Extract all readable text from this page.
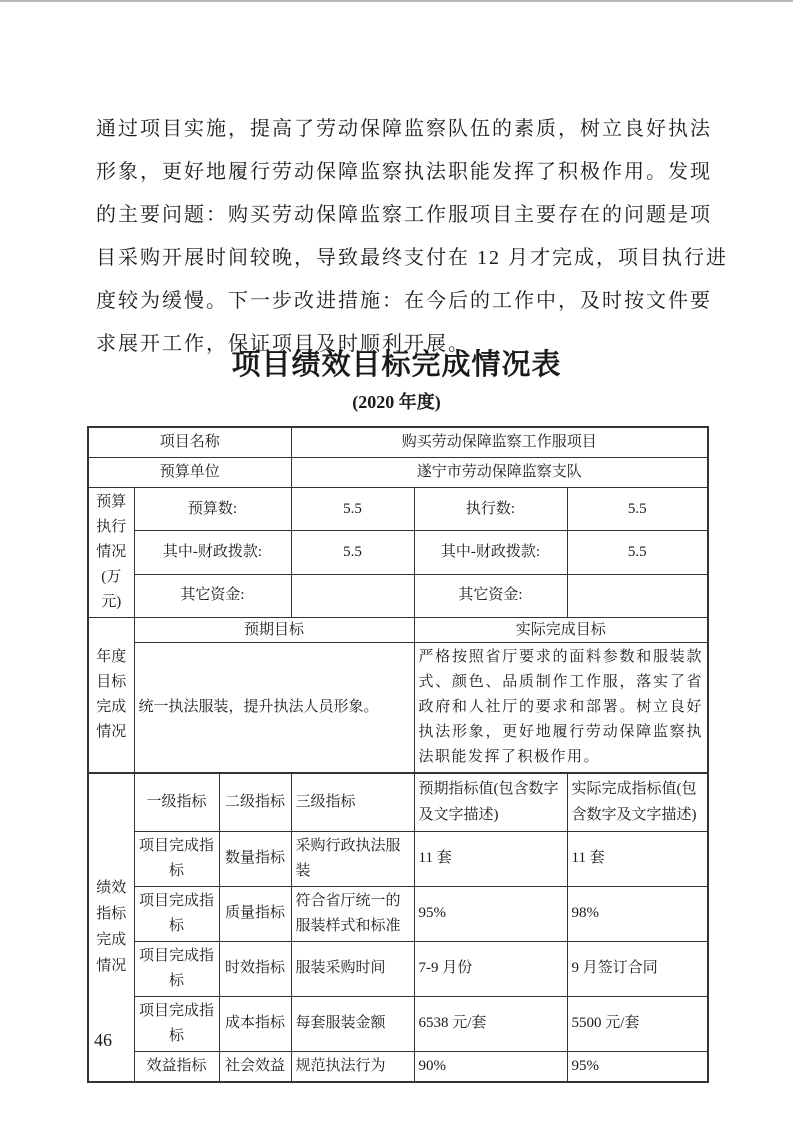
通过项目实施，提高了劳动保障监察队伍的素质，树立良好执法
形象，更好地履行劳动保障监察执法职能发挥了积极作用。发现
的主要问题：购买劳动保障监察工作服项目主要存在的问题是项
目采购开展时间较晚，导致最终支付在 12 月才完成，项目执行进
度较为缓慢。下一步改进措施：在今后的工作中，及时按文件要
求展开工作，保证项目及时顺利开展。
项目绩效目标完成情况表
(2020 年度)
项目名称			购买劳动保障监察工作服项目		
预算单位			遂宁市劳动保障监察支队		
预算执行情况(万元)	预算数:		5.5	执行数:	5.5
	其中-财政拨款:		5.5	其中-财政拨款:	5.5
	其它资金:			其它资金:	
年度目标完成情况	预期目标			实际完成目标	
	统一执法服装，提升执法人员形象。			严格按照省厅要求的面料参数和服装款式、颜色、品质制作工作服，落实了省政府和人社厅的要求和部署。树立良好执法形象，更好地履行劳动保障监察执法职能发挥了积极作用。	
绩效指标完成情况	一级指标	二级指标	三级指标	预期指标值(包含数字及文字描述)	实际完成指标值(包含数字及文字描述)
	项目完成指标	数量指标	采购行政执法服装	11 套	11 套
	项目完成指标	质量指标	符合省厅统一的服装样式和标准	95%	98%
	项目完成指标	时效指标	服装采购时间	7-9 月份	9 月签订合同
	项目完成指标	成本指标	每套服装金额	6538 元/套	5500 元/套
	效益指标	社会效益	规范执法行为	90%	95%
46
